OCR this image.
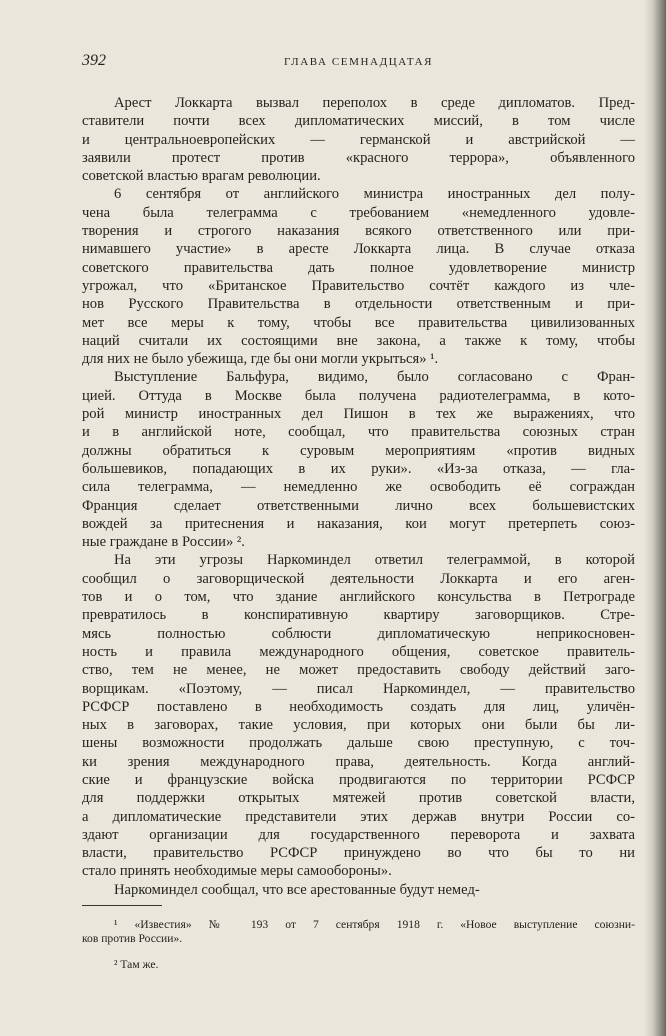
392	ГЛАВА СЕМНАДЦАТАЯ

Арест Локкарта вызвал переполох в среде дипломатов. Пред-
ставители почти всех дипломатических миссий, в том числе
и центральноевропейских — германской и австрийской —
заявили протест против «красного террора», объявленного
советской властью врагам революции.

6 сентября от английского министра иностранных дел полу-
чена была телеграмма с требованием «немедленного удовле-
творения и строгого наказания всякого ответственного или при-
нимавшего участие» в аресте Локкарта лица. В случае отказа
советского правительства дать полное удовлетворение министр
угрожал, что «Британское Правительство сочтёт каждого из чле-
нов Русского Правительства в отдельности ответственным и при-
мет все меры к тому, чтобы все правительства цивилизованных
наций считали их состоящими вне закона, а также к тому, чтобы
для них не было убежища, где бы они могли укрыться» ¹.

Выступление Бальфура, видимо, было согласовано с Фран-
цией. Оттуда в Москве была получена радиотелеграмма, в кото-
рой министр иностранных дел Пишон в тех же выражениях, что
и в английской ноте, сообщал, что правительства союзных стран
должны обратиться к суровым мероприятиям «против видных
большевиков, попадающих в их руки». «Из-за отказа, — гла-
сила телеграмма, — немедленно же освободить её сограждан
Франция сделает ответственными лично всех большевистских
вождей за притеснения и наказания, кои могут претерпеть союз-
ные граждане в России» ².

На эти угрозы Наркоминдел ответил телеграммой, в которой
сообщил о заговорщической деятельности Локкарта и его аген-
тов и о том, что здание английского консульства в Петрограде
превратилось в конспиративную квартиру заговорщиков. Стре-
мясь полностью соблюсти дипломатическую неприкосновен-
ность и правила международного общения, советское правитель-
ство, тем не менее, не может предоставить свободу действий заго-
ворщикам. «Поэтому, — писал Наркоминдел, — правительство
РСФСР поставлено в необходимость создать для лиц, уличён-
ных в заговорах, такие условия, при которых они были бы ли-
шены возможности продолжать дальше свою преступную, с точ-
ки зрения международного права, деятельность. Когда англий-
ские и французские войска продвигаются по территории РСФСР
для поддержки открытых мятежей против советской власти,
а дипломатические представители этих держав внутри России со-
здают организации для государственного переворота и захвата
власти, правительство РСФСР принуждено во что бы то ни
стало принять необходимые меры самообороны».

Наркоминдел сообщал, что все арестованные будут немед-

¹ «Известия» № 193 от 7 сентября 1918 г. «Новое выступление союзни-
ков против России».

² Там же.
